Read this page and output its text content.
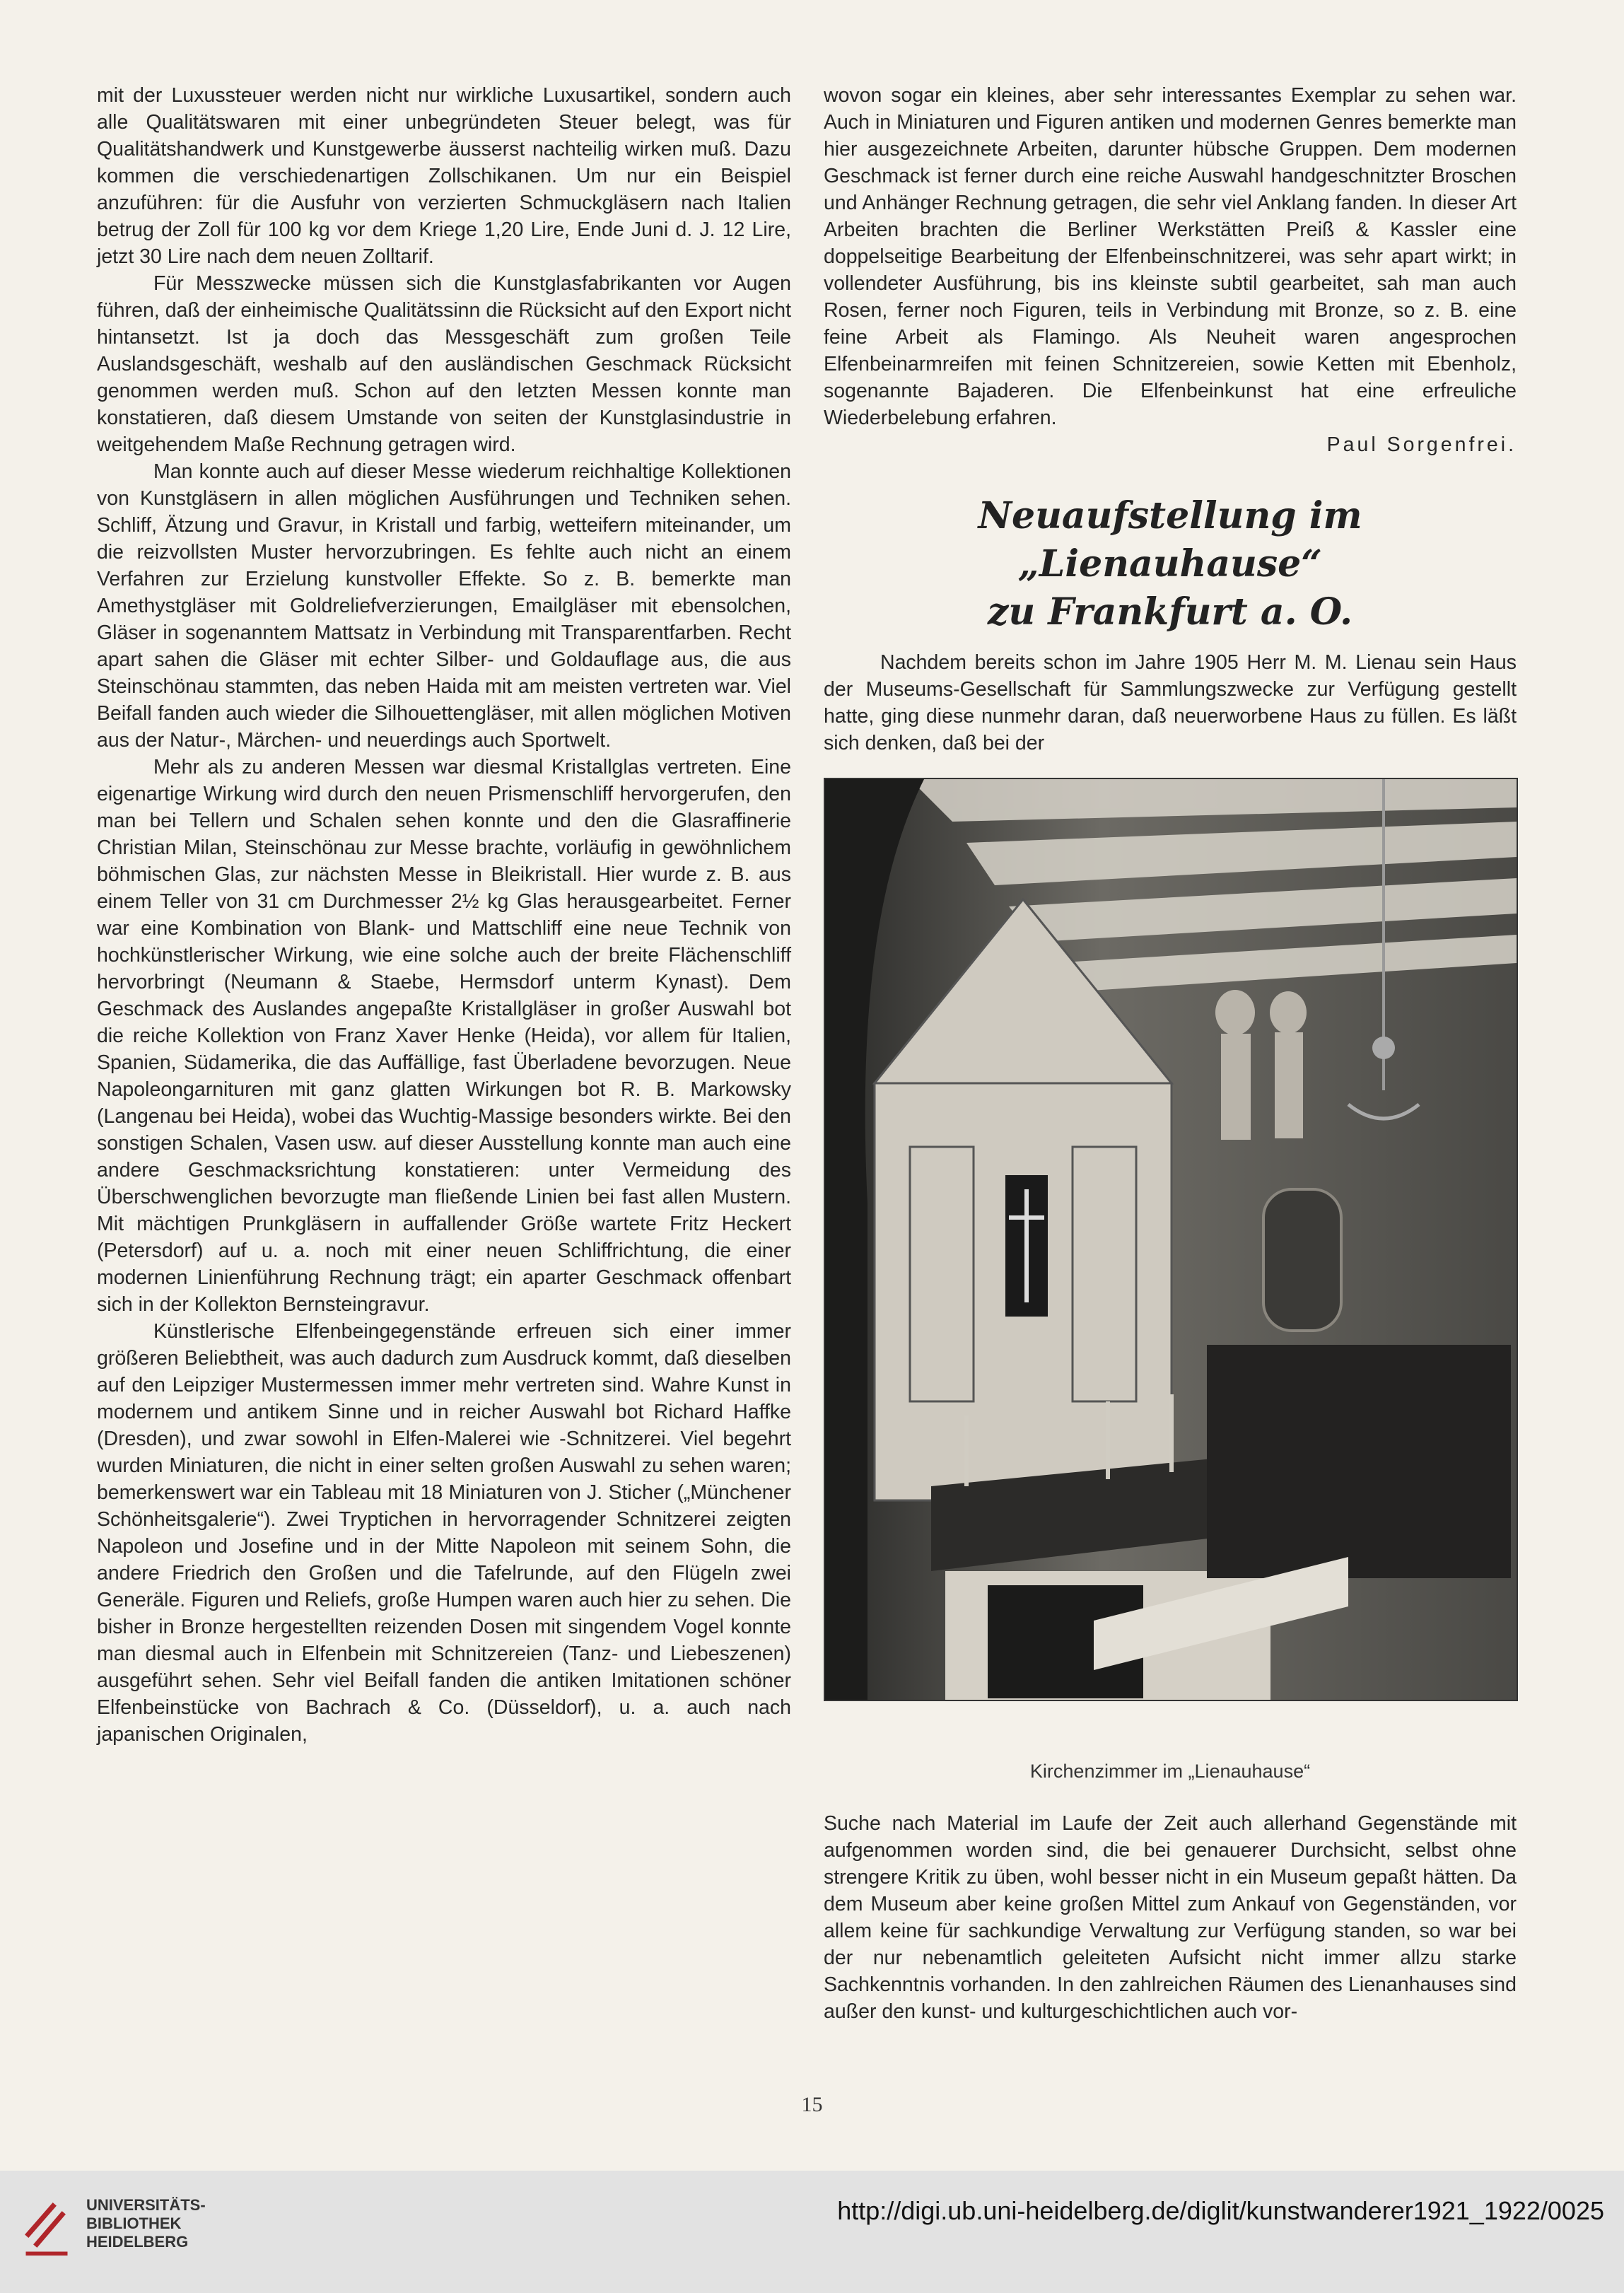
mit der Luxussteuer werden nicht nur wirkliche Luxusartikel, sondern auch alle Qualitätswaren mit einer unbegründeten Steuer belegt, was für Qualitätshandwerk und Kunstgewerbe äusserst nachteilig wirken muß. Dazu kommen die verschiedenartigen Zollschikanen. Um nur ein Beispiel anzuführen: für die Ausfuhr von verzierten Schmuckgläsern nach Italien betrug der Zoll für 100 kg vor dem Kriege 1,20 Lire, Ende Juni d. J. 12 Lire, jetzt 30 Lire nach dem neuen Zolltarif.

Für Messzwecke müssen sich die Kunstglasfabrikanten vor Augen führen, daß der einheimische Qualitätssinn die Rücksicht auf den Export nicht hintansetzt. Ist ja doch das Messgeschäft zum großen Teile Auslandsgeschäft, weshalb auf den ausländischen Geschmack Rücksicht genommen werden muß. Schon auf den letzten Messen konnte man konstatieren, daß diesem Umstande von seiten der Kunstglasindustrie in weitgehendem Maße Rechnung getragen wird.

Man konnte auch auf dieser Messe wiederum reichhaltige Kollektionen von Kunstgläsern in allen möglichen Ausführungen und Techniken sehen. Schliff, Ätzung und Gravur, in Kristall und farbig, wetteifern miteinander, um die reizvollsten Muster hervorzubringen. Es fehlte auch nicht an einem Verfahren zur Erzielung kunstvoller Effekte. So z. B. bemerkte man Amethystgläser mit Goldreliefverzierungen, Emailgläser mit ebensolchen, Gläser in sogenanntem Mattsatz in Verbindung mit Transparentfarben. Recht apart sahen die Gläser mit echter Silber- und Goldauflage aus, die aus Steinschönau stammten, das neben Haida mit am meisten vertreten war. Viel Beifall fanden auch wieder die Silhouettengläser, mit allen möglichen Motiven aus der Natur-, Märchen- und neuerdings auch Sportwelt.

Mehr als zu anderen Messen war diesmal Kristallglas vertreten. Eine eigenartige Wirkung wird durch den neuen Prismenschliff hervorgerufen, den man bei Tellern und Schalen sehen konnte und den die Glasraffinerie Christian Milan, Steinschönau zur Messe brachte, vorläufig in gewöhnlichem böhmischen Glas, zur nächsten Messe in Bleikristall. Hier wurde z. B. aus einem Teller von 31 cm Durchmesser 2½ kg Glas herausgearbeitet. Ferner war eine Kombination von Blank- und Mattschliff eine neue Technik von hochkünstlerischer Wirkung, wie eine solche auch der breite Flächenschliff hervorbringt (Neumann & Staebe, Hermsdorf unterm Kynast). Dem Geschmack des Auslandes angepaßte Kristallgläser in großer Auswahl bot die reiche Kollektion von Franz Xaver Henke (Heida), vor allem für Italien, Spanien, Südamerika, die das Auffällige, fast Überladene bevorzugen. Neue Napoleongarnituren mit ganz glatten Wirkungen bot R. B. Markowsky (Langenau bei Heida), wobei das Wuchtig-Massige besonders wirkte. Bei den sonstigen Schalen, Vasen usw. auf dieser Ausstellung konnte man auch eine andere Geschmacksrichtung konstatieren: unter Vermeidung des Überschwenglichen bevorzugte man fließende Linien bei fast allen Mustern. Mit mächtigen Prunkgläsern in auffallender Größe wartete Fritz Heckert (Petersdorf) auf u. a. noch mit einer neuen Schliffrichtung, die einer modernen Linienführung Rechnung trägt; ein aparter Geschmack offenbart sich in der Kollekton Bernsteingravur.

Künstlerische Elfenbeingegenstände erfreuen sich einer immer größeren Beliebtheit, was auch dadurch zum Ausdruck kommt, daß dieselben auf den Leipziger Mustermessen immer mehr vertreten sind. Wahre Kunst in modernem und antikem Sinne und in reicher Auswahl bot Richard Haffke (Dresden), und zwar sowohl in Elfen-Malerei wie -Schnitzerei. Viel begehrt wurden Miniaturen, die nicht in einer selten großen Auswahl zu sehen waren; bemerkenswert war ein Tableau mit 18 Miniaturen von J. Sticher („Münchener Schönheitsgalerie“). Zwei Tryptichen in hervorragender Schnitzerei zeigten Napoleon und Josefine und in der Mitte Napoleon mit seinem Sohn, die andere Friedrich den Großen und die Tafelrunde, auf den Flügeln zwei Generäle. Figuren und Reliefs, große Humpen waren auch hier zu sehen. Die bisher in Bronze hergestellten reizenden Dosen mit singendem Vogel konnte man diesmal auch in Elfenbein mit Schnitzereien (Tanz- und Liebeszenen) ausgeführt sehen. Sehr viel Beifall fanden die antiken Imitationen schöner Elfenbeinstücke von Bachrach & Co. (Düsseldorf), u. a. auch nach japanischen Originalen,

wovon sogar ein kleines, aber sehr interessantes Exemplar zu sehen war. Auch in Miniaturen und Figuren antiken und modernen Genres bemerkte man hier ausgezeichnete Arbeiten, darunter hübsche Gruppen. Dem modernen Geschmack ist ferner durch eine reiche Auswahl handgeschnitzter Broschen und Anhänger Rechnung getragen, die sehr viel Anklang fanden. In dieser Art Arbeiten brachten die Berliner Werkstätten Preiß & Kassler eine doppelseitige Bearbeitung der Elfenbeinschnitzerei, was sehr apart wirkt; in vollendeter Ausführung, bis ins kleinste subtil gearbeitet, sah man auch Rosen, ferner noch Figuren, teils in Verbindung mit Bronze, so z. B. eine feine Arbeit als Flamingo. Als Neuheit waren angesprochen Elfenbeinarmreifen mit feinen Schnitzereien, sowie Ketten mit Ebenholz, sogenannte Bajaderen. Die Elfenbeinkunst hat eine erfreuliche Wiederbelebung erfahren.

Paul Sorgenfrei.

Neuaufstellung im „Lienauhause“
zu Frankfurt a. O.

Nachdem bereits schon im Jahre 1905 Herr M. M. Lienau sein Haus der Museums-Gesellschaft für Sammlungszwecke zur Verfügung gestellt hatte, ging diese nunmehr daran, daß neuerworbene Haus zu füllen. Es läßt sich denken, daß bei der

Kirchenzimmer im „Lienauhause“

Suche nach Material im Laufe der Zeit auch allerhand Gegenstände mit aufgenommen worden sind, die bei genauerer Durchsicht, selbst ohne strengere Kritik zu üben, wohl besser nicht in ein Museum gepaßt hätten. Da dem Museum aber keine großen Mittel zum Ankauf von Gegenständen, vor allem keine für sachkundige Verwaltung zur Verfügung standen, so war bei der nur nebenamtlich geleiteten Aufsicht nicht immer allzu starke Sachkenntnis vorhanden. In den zahlreichen Räumen des Lienanhauses sind außer den kunst- und kulturgeschichtlichen auch vor-

15
UNIVERSITÄTS-
BIBLIOTHEK
HEIDELBERG
http://digi.ub.uni-heidelberg.de/diglit/kunstwanderer1921_1922/0025
